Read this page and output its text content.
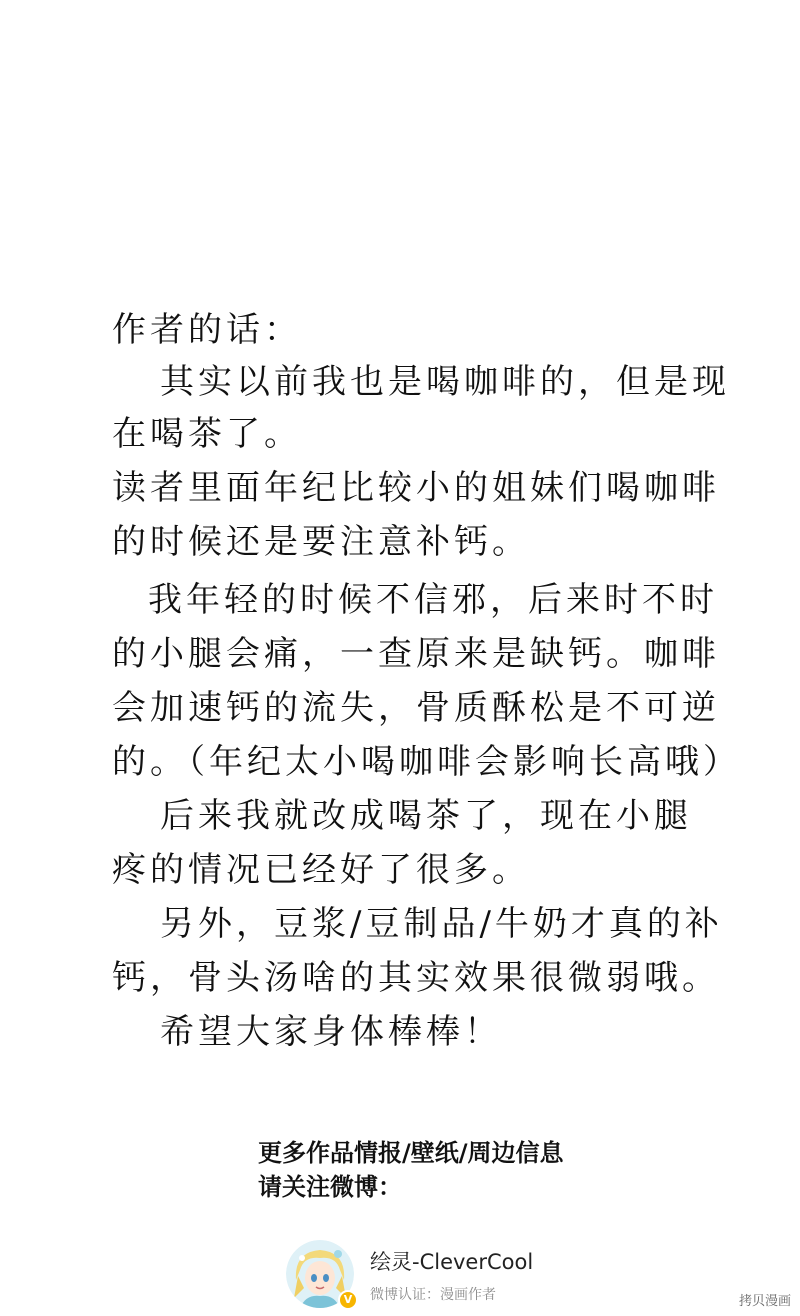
作者的话：
其实以前我也是喝咖啡的，但是现
在喝茶了。
读者里面年纪比较小的姐妹们喝咖啡
的时候还是要注意补钙。
我年轻的时候不信邪，后来时不时
的小腿会痛，一查原来是缺钙。咖啡
会加速钙的流失，骨质酥松是不可逆
的。（年纪太小喝咖啡会影响长高哦）
后来我就改成喝茶了，现在小腿
疼的情况已经好了很多。
另外，豆浆/豆制品/牛奶才真的补
钙，骨头汤啥的其实效果很微弱哦。
希望大家身体棒棒！
更多作品情报/壁纸/周边信息
请关注微博：
V
绘灵-CleverCool
微博认证：漫画作者	拷贝漫画
